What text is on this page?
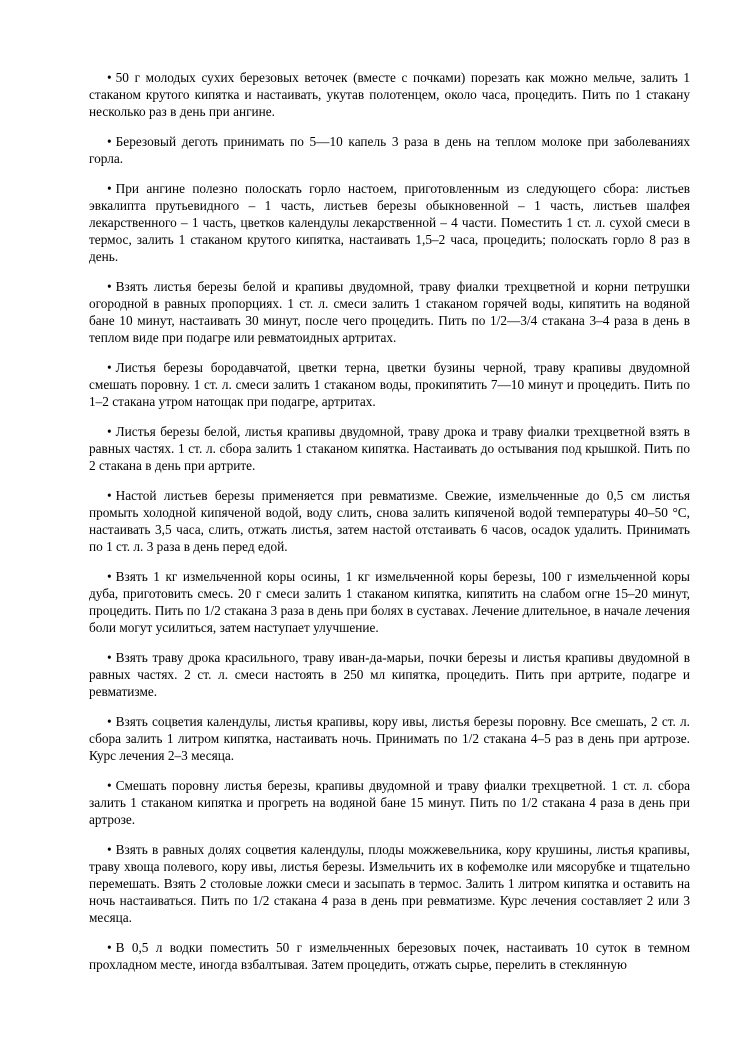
• 50 г молодых сухих березовых веточек (вместе с почками) порезать как можно мельче, залить 1 стаканом крутого кипятка и настаивать, укутав полотенцем, около часа, процедить. Пить по 1 стакану несколько раз в день при ангине.

• Березовый деготь принимать по 5—10 капель 3 раза в день на теплом молоке при заболеваниях горла.

• При ангине полезно полоскать горло настоем, приготовленным из следующего сбора: листьев эвкалипта прутьевидного – 1 часть, листьев березы обыкновенной – 1 часть, листьев шалфея лекарственного – 1 часть, цветков календулы лекарственной – 4 части. Поместить 1 ст. л. сухой смеси в термос, залить 1 стаканом крутого кипятка, настаивать 1,5–2 часа, процедить; полоскать горло 8 раз в день.

• Взять листья березы белой и крапивы двудомной, траву фиалки трехцветной и корни петрушки огородной в равных пропорциях. 1 ст. л. смеси залить 1 стаканом горячей воды, кипятить на водяной бане 10 минут, настаивать 30 минут, после чего процедить. Пить по 1/2—3/4 стакана 3–4 раза в день в теплом виде при подагре или ревматоидных артритах.

• Листья березы бородавчатой, цветки терна, цветки бузины черной, траву крапивы двудомной смешать поровну. 1 ст. л. смеси залить 1 стаканом воды, прокипятить 7—10 минут и процедить. Пить по 1–2 стакана утром натощак при подагре, артритах.

• Листья березы белой, листья крапивы двудомной, траву дрока и траву фиалки трехцветной взять в равных частях. 1 ст. л. сбора залить 1 стаканом кипятка. Настаивать до остывания под крышкой. Пить по 2 стакана в день при артрите.

• Настой листьев березы применяется при ревматизме. Свежие, измельченные до 0,5 см листья промыть холодной кипяченой водой, воду слить, снова залить кипяченой водой температуры 40–50 °C, настаивать 3,5 часа, слить, отжать листья, затем настой отстаивать 6 часов, осадок удалить. Принимать по 1 ст. л. 3 раза в день перед едой.

• Взять 1 кг измельченной коры осины, 1 кг измельченной коры березы, 100 г измельченной коры дуба, приготовить смесь. 20 г смеси залить 1 стаканом кипятка, кипятить на слабом огне 15–20 минут, процедить. Пить по 1/2 стакана 3 раза в день при болях в суставах. Лечение длительное, в начале лечения боли могут усилиться, затем наступает улучшение.

• Взять траву дрока красильного, траву иван-да-марьи, почки березы и листья крапивы двудомной в равных частях. 2 ст. л. смеси настоять в 250 мл кипятка, процедить. Пить при артрите, подагре и ревматизме.

• Взять соцветия календулы, листья крапивы, кору ивы, листья березы поровну. Все смешать, 2 ст. л. сбора залить 1 литром кипятка, настаивать ночь. Принимать по 1/2 стакана 4–5 раз в день при артрозе. Курс лечения 2–3 месяца.

• Смешать поровну листья березы, крапивы двудомной и траву фиалки трехцветной. 1 ст. л. сбора залить 1 стаканом кипятка и прогреть на водяной бане 15 минут. Пить по 1/2 стакана 4 раза в день при артрозе.

• Взять в равных долях соцветия календулы, плоды можжевельника, кору крушины, листья крапивы, траву хвоща полевого, кору ивы, листья березы. Измельчить их в кофемолке или мясорубке и тщательно перемешать. Взять 2 столовые ложки смеси и засыпать в термос. Залить 1 литром кипятка и оставить на ночь настаиваться. Пить по 1/2 стакана 4 раза в день при ревматизме. Курс лечения составляет 2 или 3 месяца.

• В 0,5 л водки поместить 50 г измельченных березовых почек, настаивать 10 суток в темном прохладном месте, иногда взбалтывая. Затем процедить, отжать сырье, перелить в стеклянную
